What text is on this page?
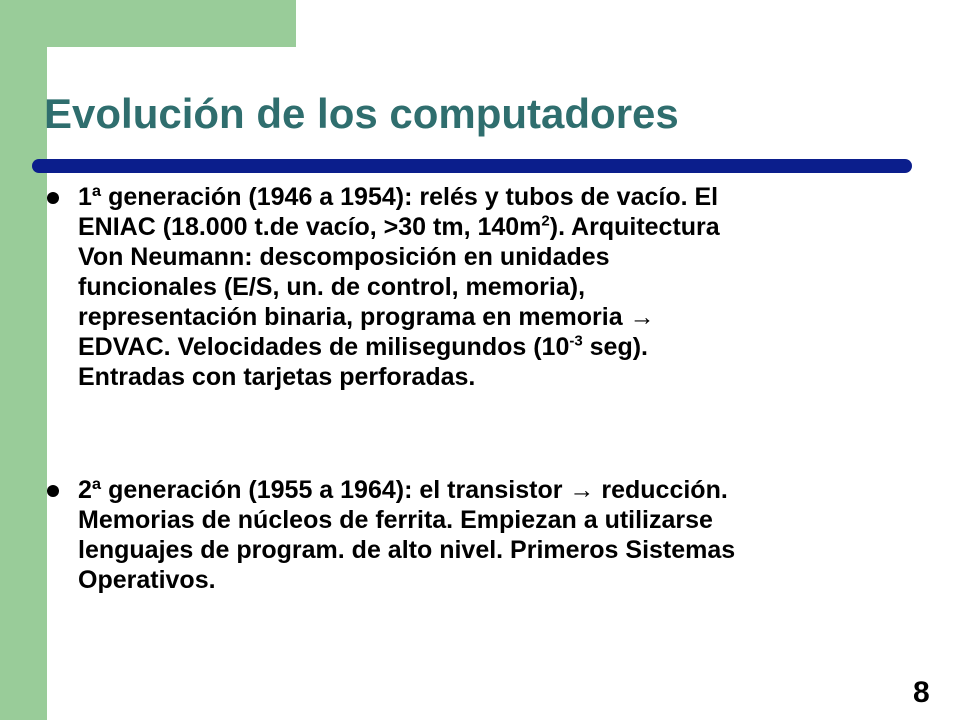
Evolución de los computadores
1ª generación (1946 a 1954): relés y tubos de vacío. El
ENIAC (18.000 t.de vacío, >30 tm, $140m^2$). Arquitectura
Von Neumann: descomposición en unidades
funcionales (E/S, un. de control, memoria),
representación binaria, programa en memoria →
EDVAC. Velocidades de milisegundos ($10^{-3}$ seg).
Entradas con tarjetas perforadas.
2ª generación (1955 a 1964): el transistor → reducción.
Memorias de núcleos de ferrita. Empiezan a utilizarse
lenguajes de program. de alto nivel. Primeros Sistemas
Operativos.
8
